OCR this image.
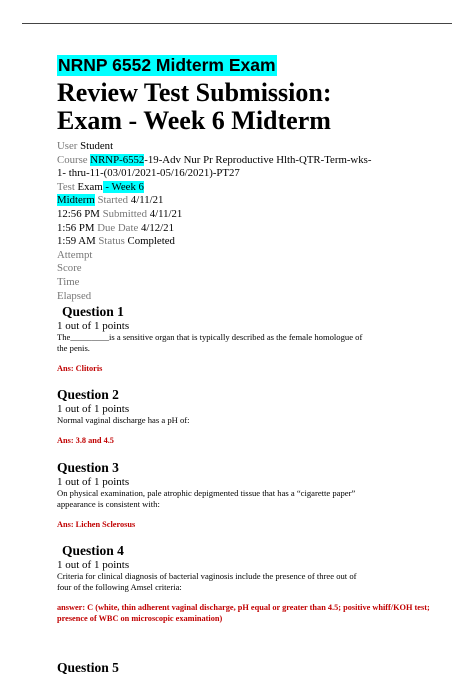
NRNP 6552 Midterm Exam
Review Test Submission:
Exam - Week 6 Midterm
User Student
Course NRNP-6552-19-Adv Nur Pr Reproductive Hlth-QTR-Term-wks-
1- thru-11-(03/01/2021-05/16/2021)-PT27
Test Exam - Week 6
Midterm Started 4/11/21
12:56 PM Submitted 4/11/21
1:56 PM Due Date 4/12/21
1:59 AM Status Completed
Attempt
Score
Time
Elapsed
Question 1
1 out of 1 points
The_________is a sensitive organ that is typically described as the female homologue of
the penis.
Ans: Clitoris
Question 2
1 out of 1 points
Normal vaginal discharge has a pH of:
Ans: 3.8 and 4.5
Question 3
1 out of 1 points
On physical examination, pale atrophic depigmented tissue that has a “cigarette paper”
appearance is consistent with:
Ans: Lichen Sclerosus
Question 4
1 out of 1 points
Criteria for clinical diagnosis of bacterial vaginosis include the presence of three out of
four of the following Amsel criteria:
answer: C (white, thin adherent vaginal discharge, pH equal or greater than 4.5; positive whiff/KOH test;
presence of WBC on microscopic examination)
Question 5
